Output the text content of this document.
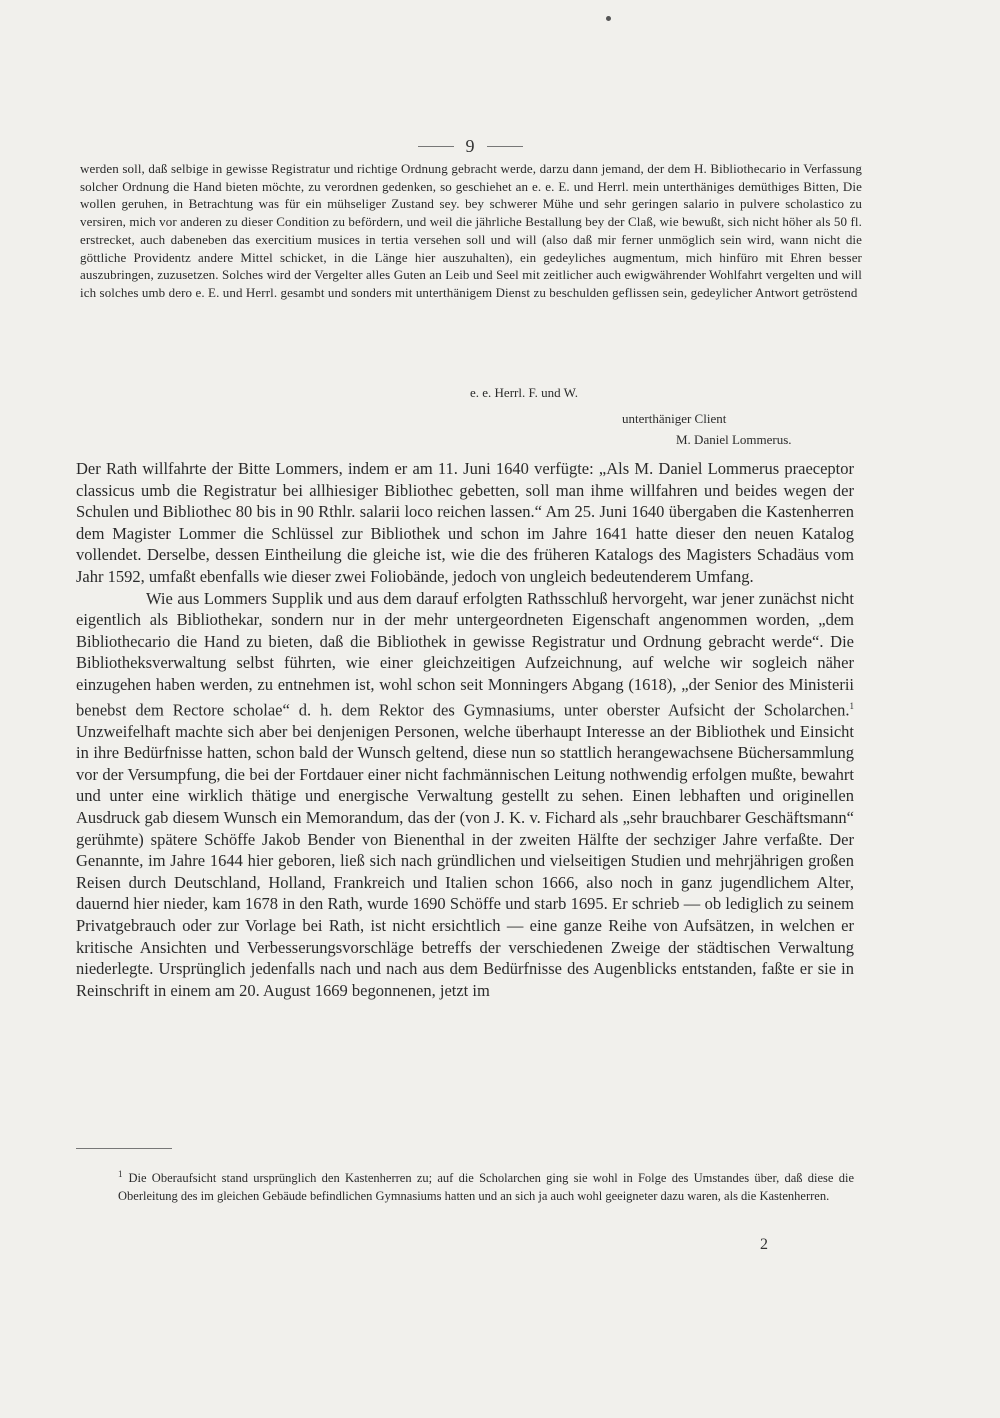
9

werden soll, daß selbige in gewisse Registratur und richtige Ordnung gebracht werde, darzu dann jemand, der dem H. Bibliothecario in Verfassung solcher Ordnung die Hand bieten möchte, zu verordnen gedenken, so geschiehet an e. e. E. und Herrl. mein unterthäniges demüthiges Bitten, Die wollen geruhen, in Betrachtung was für ein mühseliger Zustand sey. bey schwerer Mühe und sehr geringen salario in pulvere scholastico zu versiren, mich vor anderen zu dieser Condition zu befördern, und weil die jährliche Bestallung bey der Claß, wie bewußt, sich nicht höher als 50 fl. erstrecket, auch dabeneben das exercitium musices in tertia versehen soll und will (also daß mir ferner unmöglich sein wird, wann nicht die göttliche Providentz andere Mittel schicket, in die Länge hier auszuhalten), ein gedeyliches augmentum, mich hinfüro mit Ehren besser auszubringen, zuzusetzen. Solches wird der Vergelter alles Guten an Leib und Seel mit zeitlicher auch ewigwährender Wohlfahrt vergelten und will ich solches umb dero e. E. und Herrl. gesambt und sonders mit unterthänigem Dienst zu beschulden geflissen sein, gedeylicher Antwort getröstend

e. e. Herrl. F. und W.
unterthäniger Client
M. Daniel Lommerus.

Der Rath willfahrte der Bitte Lommers, indem er am 11. Juni 1640 verfügte: „Als M. Daniel Lommerus praeceptor classicus umb die Registratur bei allhiesiger Bibliothec gebetten, soll man ihme willfahren und beides wegen der Schulen und Bibliothec 80 bis in 90 Rthlr. salarii loco reichen lassen.“ Am 25. Juni 1640 übergaben die Kastenherren dem Magister Lommer die Schlüssel zur Bibliothek und schon im Jahre 1641 hatte dieser den neuen Katalog vollendet. Derselbe, dessen Eintheilung die gleiche ist, wie die des früheren Katalogs des Magisters Schadäus vom Jahr 1592, umfaßt ebenfalls wie dieser zwei Foliobände, jedoch von ungleich bedeutenderem Umfang.

Wie aus Lommers Supplik und aus dem darauf erfolgten Rathsschluß hervorgeht, war jener zunächst nicht eigentlich als Bibliothekar, sondern nur in der mehr untergeordneten Eigenschaft angenommen worden, „dem Bibliothecario die Hand zu bieten, daß die Bibliothek in gewisse Registratur und Ordnung gebracht werde“. Die Bibliotheksverwaltung selbst führten, wie einer gleichzeitigen Aufzeichnung, auf welche wir sogleich näher einzugehen haben werden, zu entnehmen ist, wohl schon seit Monningers Abgang (1618), „der Senior des Ministerii benebst dem Rectore scholae“ d. h. dem Rektor des Gymnasiums, unter oberster Aufsicht der Scholarchen.$^1$ Unzweifelhaft machte sich aber bei denjenigen Personen, welche überhaupt Interesse an der Bibliothek und Einsicht in ihre Bedürfnisse hatten, schon bald der Wunsch geltend, diese nun so stattlich herangewachsene Büchersammlung vor der Versumpfung, die bei der Fortdauer einer nicht fachmännischen Leitung nothwendig erfolgen mußte, bewahrt und unter eine wirklich thätige und energische Verwaltung gestellt zu sehen. Einen lebhaften und originellen Ausdruck gab diesem Wunsch ein Memorandum, das der (von J. K. v. Fichard als „sehr brauchbarer Geschäftsmann“ gerühmte) spätere Schöffe Jakob Bender von Bienenthal in der zweiten Hälfte der sechziger Jahre verfaßte. Der Genannte, im Jahre 1644 hier geboren, ließ sich nach gründlichen und vielseitigen Studien und mehrjährigen großen Reisen durch Deutschland, Holland, Frankreich und Italien schon 1666, also noch in ganz jugendlichem Alter, dauernd hier nieder, kam 1678 in den Rath, wurde 1690 Schöffe und starb 1695. Er schrieb — ob lediglich zu seinem Privatgebrauch oder zur Vorlage bei Rath, ist nicht ersichtlich — eine ganze Reihe von Aufsätzen, in welchen er kritische Ansichten und Verbesserungsvorschläge betreffs der verschiedenen Zweige der städtischen Verwaltung niederlegte. Ursprünglich jedenfalls nach und nach aus dem Bedürfnisse des Augenblicks entstanden, faßte er sie in Reinschrift in einem am 20. August 1669 begonnenen, jetzt im

$^1$ Die Oberaufsicht stand ursprünglich den Kastenherren zu; auf die Scholarchen ging sie wohl in Folge des Umstandes über, daß diese die Oberleitung des im gleichen Gebäude befindlichen Gymnasiums hatten und an sich ja auch wohl geeigneter dazu waren, als die Kastenherren.
2
